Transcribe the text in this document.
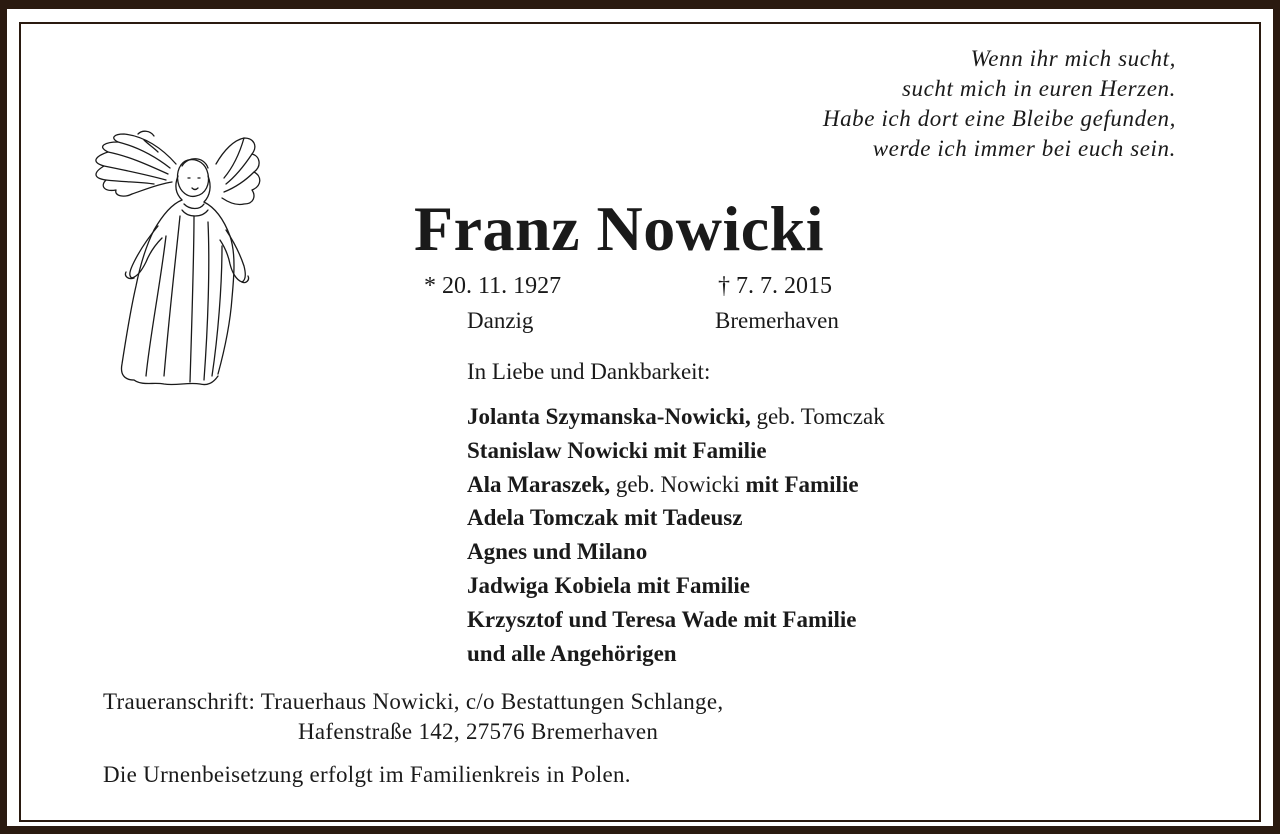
Wenn ihr mich sucht,
sucht mich in euren Herzen.
Habe ich dort eine Bleibe gefunden,
werde ich immer bei euch sein.
Franz Nowicki
* 20. 11. 1927	† 7. 7. 2015
Danzig	Bremerhaven
In Liebe und Dankbarkeit:
Jolanta Szymanska-Nowicki, geb. Tomczak
Stanislaw Nowicki mit Familie
Ala Maraszek, geb. Nowicki mit Familie
Adela Tomczak mit Tadeusz
Agnes und Milano
Jadwiga Kobiela mit Familie
Krzysztof und Teresa Wade mit Familie
und alle Angehörigen
Traueranschrift: Trauerhaus Nowicki, c/o Bestattungen Schlange,
Hafenstraße 142, 27576 Bremerhaven
Die Urnenbeisetzung erfolgt im Familienkreis in Polen.
